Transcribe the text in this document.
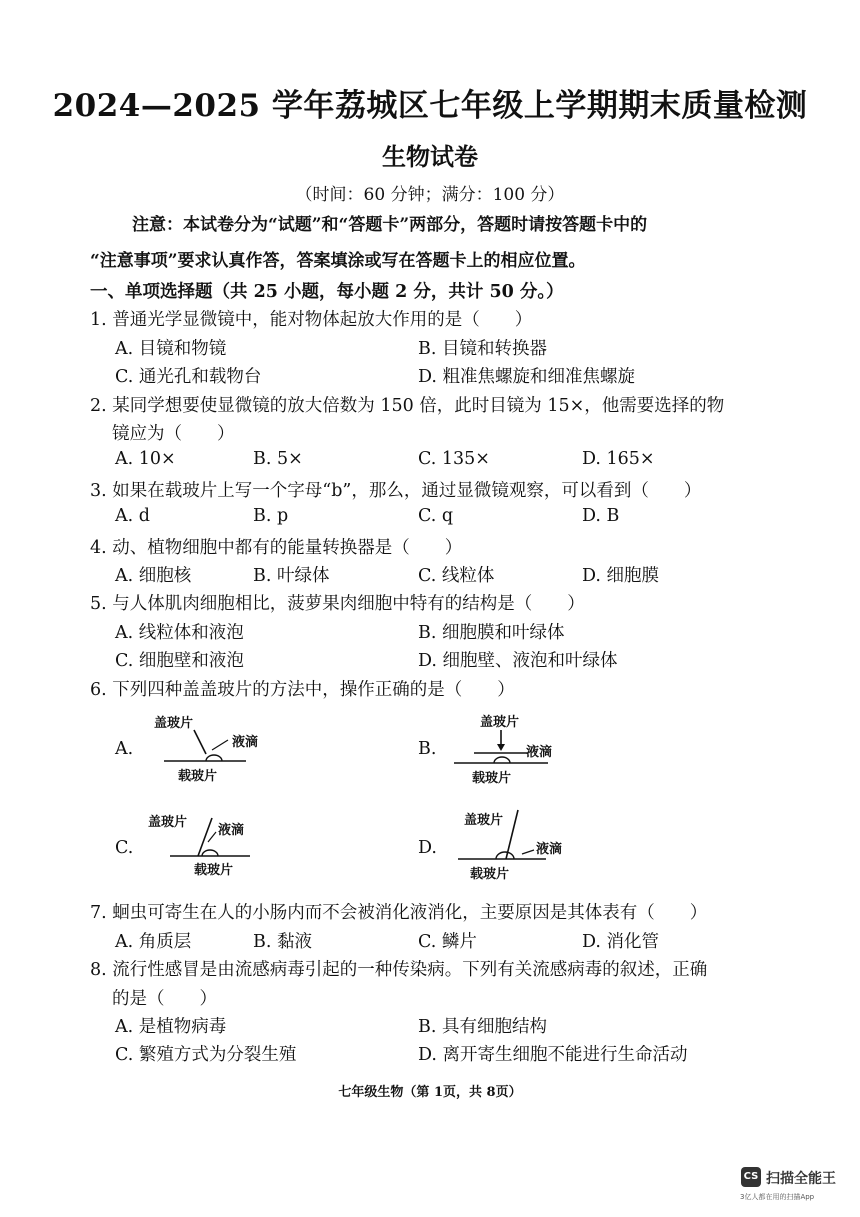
2024—2025 学年荔城区七年级上学期期末质量检测
生物试卷
（时间：60 分钟；满分：100 分）
注意：本试卷分为“试题”和“答题卡”两部分，答题时请按答题卡中的
“注意事项”要求认真作答，答案填涂或写在答题卡上的相应位置。
一、单项选择题（共 25 小题，每小题 2 分，共计 50 分。）
1. 普通光学显微镜中，能对物体起放大作用的是（　　）
A. 目镜和物镜	B. 目镜和转换器
C. 通光孔和载物台	D. 粗准焦螺旋和细准焦螺旋
2. 某同学想要使显微镜的放大倍数为 150 倍，此时目镜为 15×，他需要选择的物
镜应为（　　）
A. 10×	B. 5×	C. 135×	D. 165×
3. 如果在载玻片上写一个字母“b”，那么，通过显微镜观察，可以看到（　　）
A. d	B. p	C. q	D. B
4. 动、植物细胞中都有的能量转换器是（　　）
A. 细胞核	B. 叶绿体	C. 线粒体	D. 细胞膜
5. 与人体肌肉细胞相比，菠萝果肉细胞中特有的结构是（　　）
A. 线粒体和液泡	B. 细胞膜和叶绿体
C. 细胞壁和液泡	D. 细胞壁、液泡和叶绿体
6. 下列四种盖盖玻片的方法中，操作正确的是（　　）
A.
盖玻片
液滴
载玻片
B.
盖玻片
液滴
载玻片
C.
盖玻片
液滴
载玻片
D.
盖玻片
液滴
载玻片
7. 蛔虫可寄生在人的小肠内而不会被消化液消化，主要原因是其体表有（　　）
A. 角质层	B. 黏液	C. 鳞片	D. 消化管
8. 流行性感冒是由流感病毒引起的一种传染病。下列有关流感病毒的叙述，正确
的是（　　）
A. 是植物病毒	B. 具有细胞结构
C. 繁殖方式为分裂生殖	D. 离开寄生细胞不能进行生命活动
七年级生物（第 1页，共 8页）
CS 扫描全能王
3亿人都在用的扫描App
